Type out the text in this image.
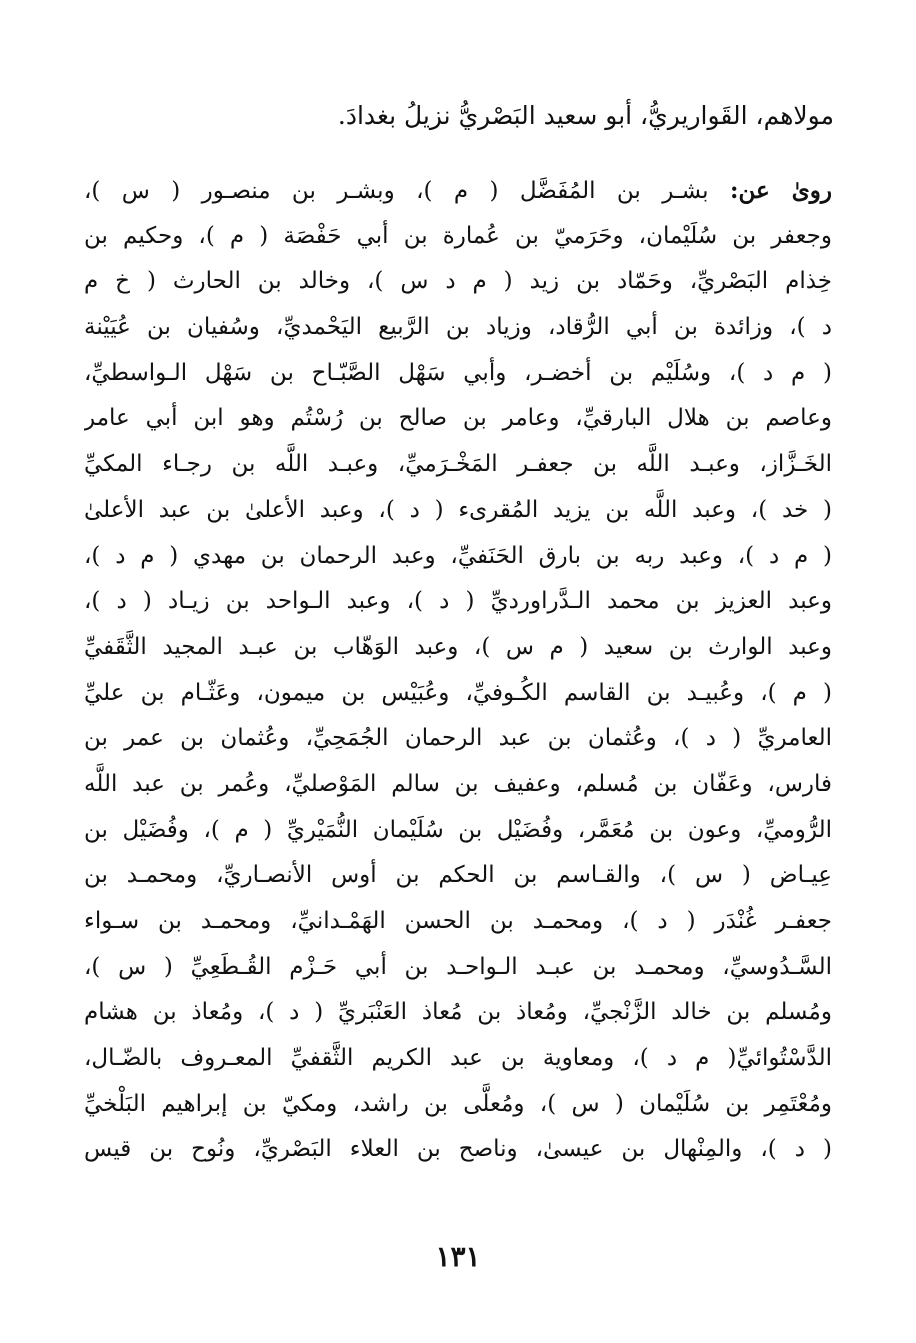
مولاهم، القَواريريُّ، أبو سعيد البَصْريُّ نزيلُ بغدادَ.
روىٰ عن: بشـر بن المُفَضَّل ( م )، وبشـر بن منصـور ( س )،
وجعفر بن سُلَيْمان، وحَرَميّ بن عُمارة بن أبي حَفْصَة ( م )، وحكيم بن
خِذام البَصْريِّ، وحَمّاد بن زيد ( م د س )، وخالد بن الحارث ( خ م
د )، وزائدة بن أبي الرُّقاد، وزياد بن الرَّبيع اليَحْمديِّ، وسُفيان بن عُيَيْنة
( م د )، وسُلَيْم بن أخضـر، وأبي سَهْل الصَّبّـاح بن سَهْل الـواسطيِّ،
وعاصم بن هلال البارقيِّ، وعامر بن صالح بن رُسْتُم وهو ابن أبي عامر
الخَـزَّاز، وعبـد اللَّه بن جعفـر المَخْـرَميِّ، وعبـد اللَّه بن رجـاء المكيِّ
( خد )، وعبد اللَّه بن يزيد المُقرىء ( د )، وعبد الأعلىٰ بن عبد الأعلىٰ
( م د )، وعبد ربه بن بارق الحَنَفيِّ، وعبد الرحمان بن مهدي ( م د )،
وعبد العزيز بن محمد الـدَّراورديِّ ( د )، وعبد الـواحد بن زيـاد ( د )،
وعبد الوارث بن سعيد ( م س )، وعبد الوَهّاب بن عبـد المجيد الثَّقَفيِّ
( م )، وعُبيـد بن القاسم الكُـوفيِّ، وعُبَيْس بن ميمون، وعَثّـام بن عليِّ
العامريِّ ( د )، وعُثمان بن عبد الرحمان الجُمَحِيِّ، وعُثمان بن عمر بن
فارس، وعَفّان بن مُسلم، وعفيف بن سالم المَوْصليِّ، وعُمر بن عبد اللَّه
الرُّوميِّ، وعون بن مُعَمَّر، وفُضَيْل بن سُلَيْمان النُّمَيْريِّ ( م )، وفُضَيْل بن
عِيـاض ( س )، والقـاسم بن الحكم بن أوس الأنصـاريِّ، ومحمـد بن
جعفـر غُنْدَر ( د )، ومحمـد بن الحسن الهَمْـدانيِّ، ومحمـد بن سـواء
السَّـدُوسيِّ، ومحمـد بن عبـد الـواحـد بن أبي حَـزْم القُـطَعِيِّ ( س )،
ومُسلم بن خالد الزَّنْجيِّ، ومُعاذ بن مُعاذ العَنْبَريِّ ( د )، ومُعاذ بن هشام
الدَّسْتُوائيِّ( م د )، ومعاوية بن عبد الكريم الثَّقفيِّ المعـروف بالضّـال،
ومُعْتَمِر بن سُلَيْمان ( س )، ومُعلَّى بن راشد، ومكيّ بن إبراهيم البَلْخيِّ
( د )، والمِنْهال بن عيسىٰ، وناصح بن العلاء البَصْريِّ، ونُوح بن قيس
١٣١
